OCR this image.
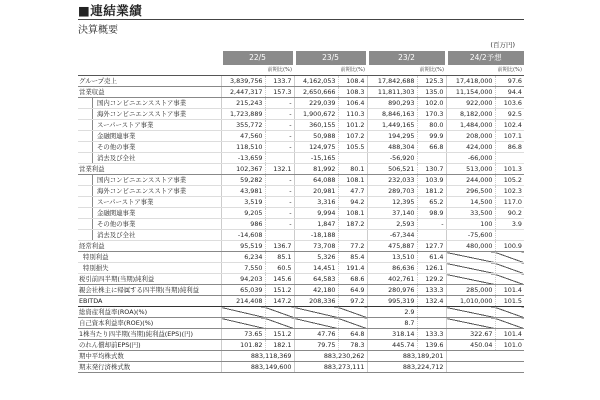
■連結業績
決算概要
(百万円)
	22/5		23/5		23/2		24/2予想	
		前期比(%)		前期比(%)		前期比(%)		前期比(%)
グループ売上	3,839,756	133.7	4,162,053	108.4	17,842,688	125.3	17,418,000	97.6
営業収益	2,447,317	157.3	2,650,666	108.3	11,811,303	135.0	11,154,000	94.4
国内コンビニエンスストア事業	215,243	-	229,039	106.4	890,293	102.0	922,000	103.6
海外コンビニエンスストア事業	1,723,889	-	1,900,672	110.3	8,846,163	170.3	8,182,000	92.5
スーパーストア事業	355,772	-	360,155	101.2	1,449,165	80.0	1,484,000	102.4
金融関連事業	47,560	-	50,988	107.2	194,295	99.9	208,000	107.1
その他の事業	118,510	-	124,975	105.5	488,304	66.8	424,000	86.8
消去及び全社	-13,659		-15,165		-56,920		-66,000	
営業利益	102,367	132.1	81,992	80.1	506,521	130.7	513,000	101.3
国内コンビニエンスストア事業	59,282	-	64,088	108.1	232,033	103.9	244,000	105.2
海外コンビニエンスストア事業	43,981	-	20,981	47.7	289,703	181.2	296,500	102.3
スーパーストア事業	3,519	-	3,316	94.2	12,395	65.2	14,500	117.0
金融関連事業	9,205	-	9,994	108.1	37,140	98.9	33,500	90.2
その他の事業	986	-	1,847	187.2	2,593	-	100	3.9
消去及び全社	-14,608		-18,188		-67,344		-75,600	
経常利益	95,519	136.7	73,708	77.2	475,887	127.7	480,000	100.9
特別利益	6,234	85.1	5,326	85.4	13,510	61.4		
特別損失	7,550	60.5	14,451	191.4	86,636	126.1		
税引前四半期(当期)純利益	94,203	145.6	64,583	68.6	402,761	129.2		
親会社株主に帰属する四半期(当期)純利益	65,039	151.2	42,180	64.9	280,976	133.3	285,000	101.4
EBITDA	214,408	147.2	208,336	97.2	995,319	132.4	1,010,000	101.5
総資産利益率(ROA)(%)					2.9			
自己資本利益率(ROE)(%)					8.7			
1株当たり四半期(当期)純利益(EPS)(円)	73.65	151.2	47.76	64.8	318.14	133.3	322.67	101.4
のれん償却前EPS(円)	101.82	182.1	79.75	78.3	445.74	139.6	450.04	101.0
期中平均株式数	883,118,369		883,230,262		883,189,201			
期末発行済株式数	883,149,600		883,273,111		883,224,712			
